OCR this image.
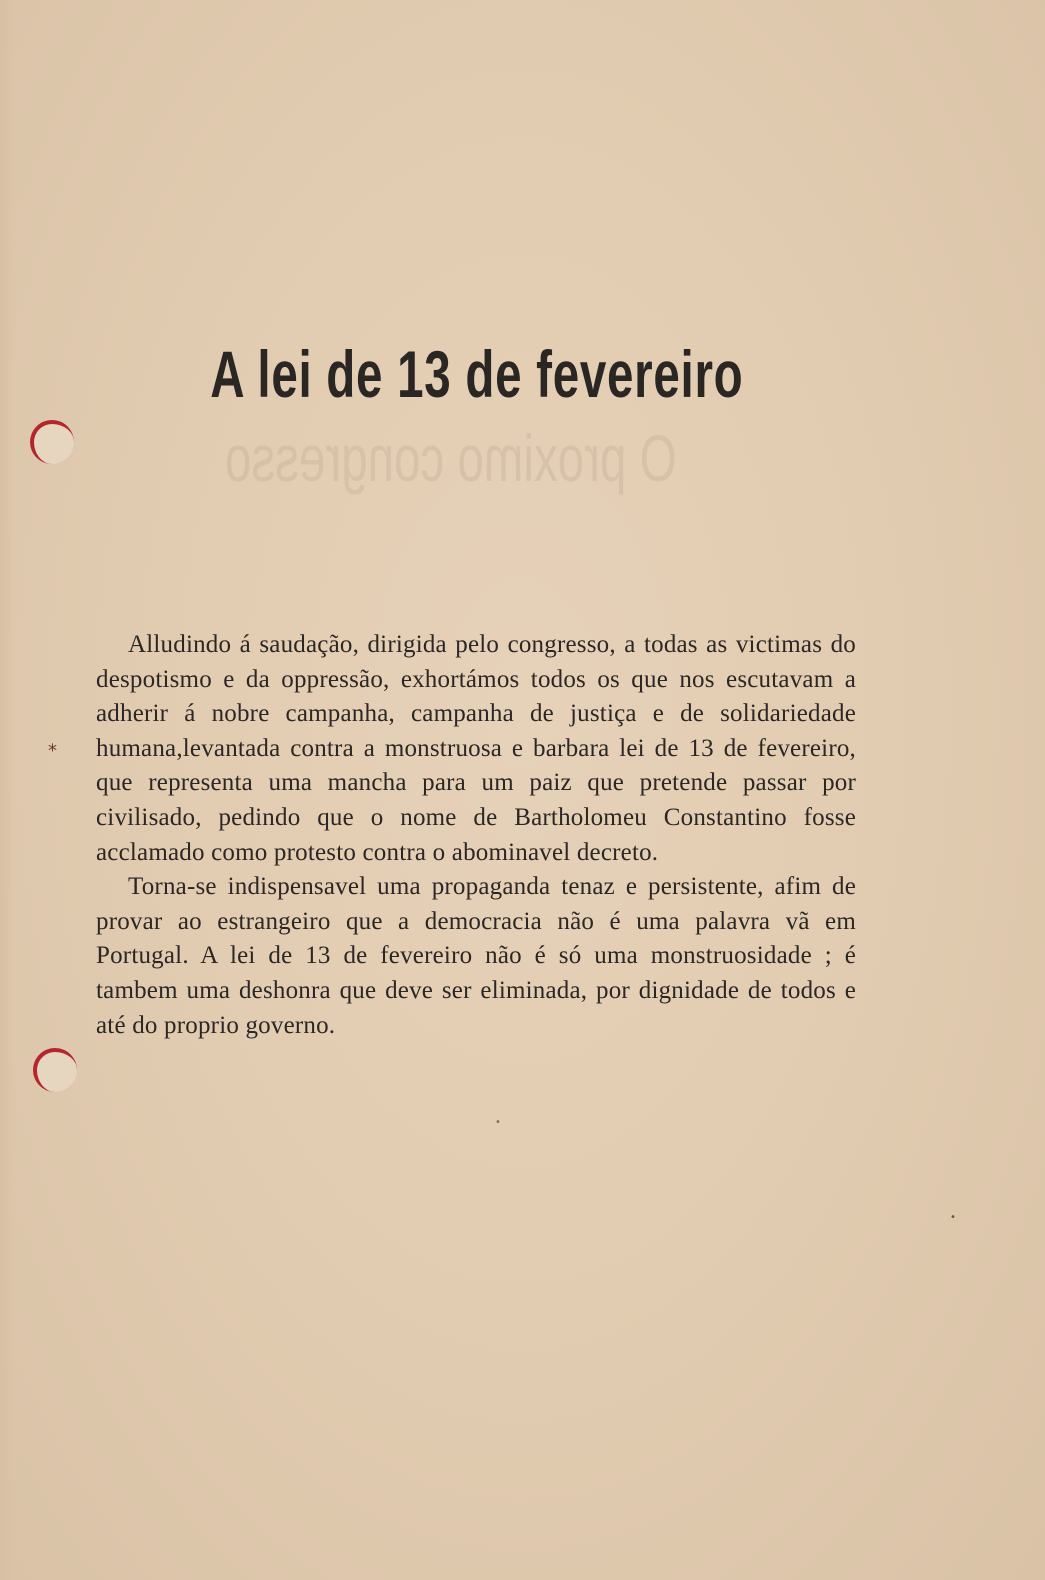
⁎
•
•
A lei de 13 de fevereiro
O proximo congresso

Alludindo á saudação, dirigida pelo congresso, a todas as victimas do despotismo e da oppressão, exhortámos todos os que nos escutavam a adherir á nobre campanha, campanha de justiça e de solidariedade humana,levantada contra a monstruosa e barbara lei de 13 de fevereiro, que representa uma mancha para um paiz que pretende passar por civilisado, pedindo que o nome de Bartholomeu Constantino fosse acclamado como protesto contra o abominavel decreto.

Torna-se indispensavel uma propaganda tenaz e persistente, afim de provar ao estrangeiro que a democracia não é uma palavra vã em Portugal. A lei de 13 de fevereiro não é só uma monstruosidade ; é tambem uma deshonra que deve ser eliminada, por dignidade de todos e até do proprio governo.
